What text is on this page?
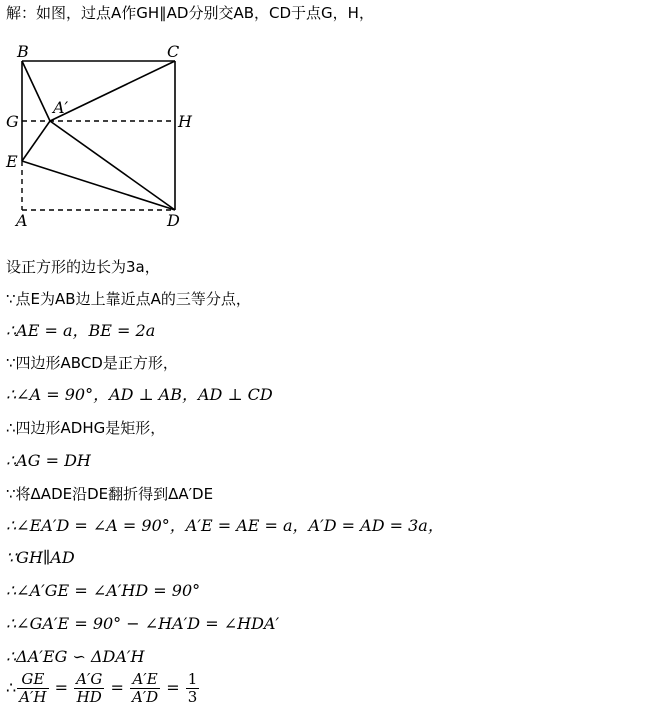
解：如图，过点A作GH∥AD分别交AB，CD于点G，H，
B	C
G	H
A′
E
A	D
设正方形的边长为3a，
∵点E为AB边上靠近点A的三等分点，
∴AE = a，BE = 2a
∵四边形ABCD是正方形，
∴∠A = 90°，AD ⊥ AB，AD ⊥ CD
∴四边形ADHG是矩形，
∴AG = DH
∵将ΔADE沿DE翻折得到ΔA′DE
∴∠EA′D = ∠A = 90°，A′E = AE = a，A′D = AD = 3a，
∵GH∥AD
∴∠A′GE = ∠A′HD = 90°
∴∠GA′E = 90° − ∠HA′D = ∠HDA′
∴ΔA′EG ∽ ΔDA′H
∴ $\frac{GE}{A'H} = \frac{A'G}{HD} = \frac{A'E}{A'D} = \frac{1}{3}$
